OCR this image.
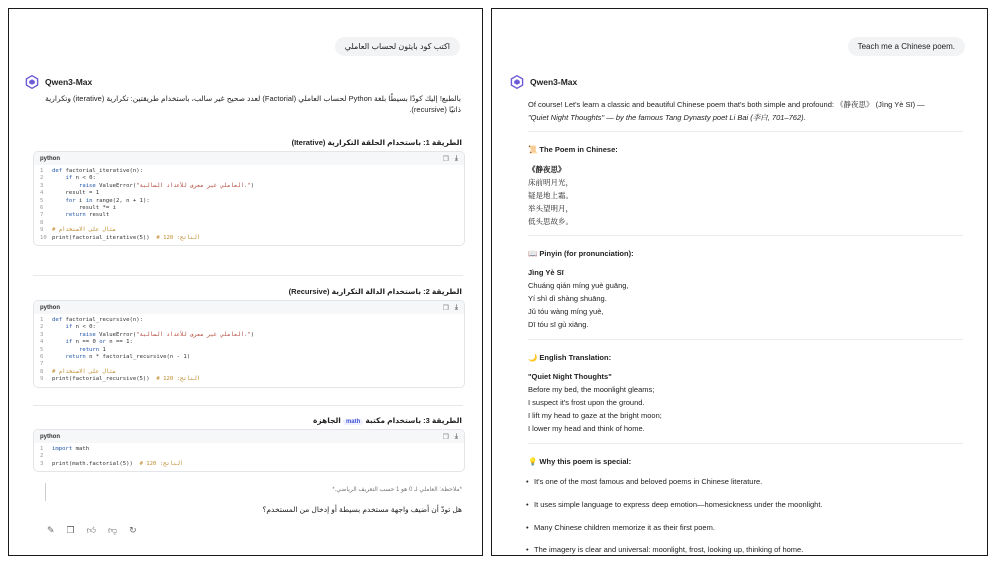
اكتب كود بايثون لحساب العاملي
Qwen3-Max
بالطبع! إليك كودًا بسيطًا بلغة Python لحساب العاملي (Factorial) لعدد صحيح غير سالب، باستخدام طريقتين: تكرارية (iterative) وتكرارية ذاتيًا (recursive).
الطريقة 1: باستخدام الحلقة التكرارية (Iterative)
python	❐ ⤓
1 def factorial_iterative(n):
2	if n < 0:
3	raise ValueError("العاملي غير معرف للأعداد السالبة.")
4    result = 1
5	for i in range(2, n + 1):
6        result *= i
7	return result
8
9 # مثال على الاستخدام
10 print(factorial_iterative(5))  # 120 :الناتج
الطريقة 2: باستخدام الدالة التكرارية (Recursive)
python	❐ ⤓
1 def factorial_recursive(n):
2	if n < 0:
3	raise ValueError("العاملي غير معرف للأعداد السالبة.")
4	if n == 0 or n == 1:
5	return 1
6	return n * factorial_recursive(n - 1)
7
8 # مثال على الاستخدام
9 print(factorial_recursive(5))  # 120 :الناتج
الطريقة 3: باستخدام مكتبة math الجاهزة
python	❐ ⤓
1 import math
2
3 print(math.factorial(5))  # 120 :الناتج
*ملاحظة: العاملي لـ 0 هو 1 حسب التعريف الرياضي.*
هل تودّ أن أضيف واجهة مستخدم بسيطة أو إدخال من المستخدم؟
✎ ❐ 👍︎ 👎︎ ↻
Teach me a Chinese poem.
Qwen3-Max
Of course! Let's learn a classic and beautiful Chinese poem that's both simple and profound: 《静夜思》 (Jìng Yè Sī) —
"Quiet Night Thoughts" — by the famous Tang Dynasty poet Li Bai (李白, 701–762).
📜 The Poem in Chinese:
《静夜思》
床前明月光，
疑是地上霜。
举头望明月，
低头思故乡。
📖 Pinyin (for pronunciation):
Jìng Yè Sī
Chuáng qián míng yuè guāng,
Yí shì dì shàng shuāng.
Jǔ tóu wàng míng yuè,
Dī tóu sī gù xiāng.
🌙 English Translation:
"Quiet Night Thoughts"
Before my bed, the moonlight gleams;
I suspect it's frost upon the ground.
I lift my head to gaze at the bright moon;
I lower my head and think of home.
💡 Why this poem is special:
• It's one of the most famous and beloved poems in Chinese literature.
• It uses simple language to express deep emotion—homesickness under the moonlight.
• Many Chinese children memorize it as their first poem.
• The imagery is clear and universal: moonlight, frost, looking up, thinking of home.
